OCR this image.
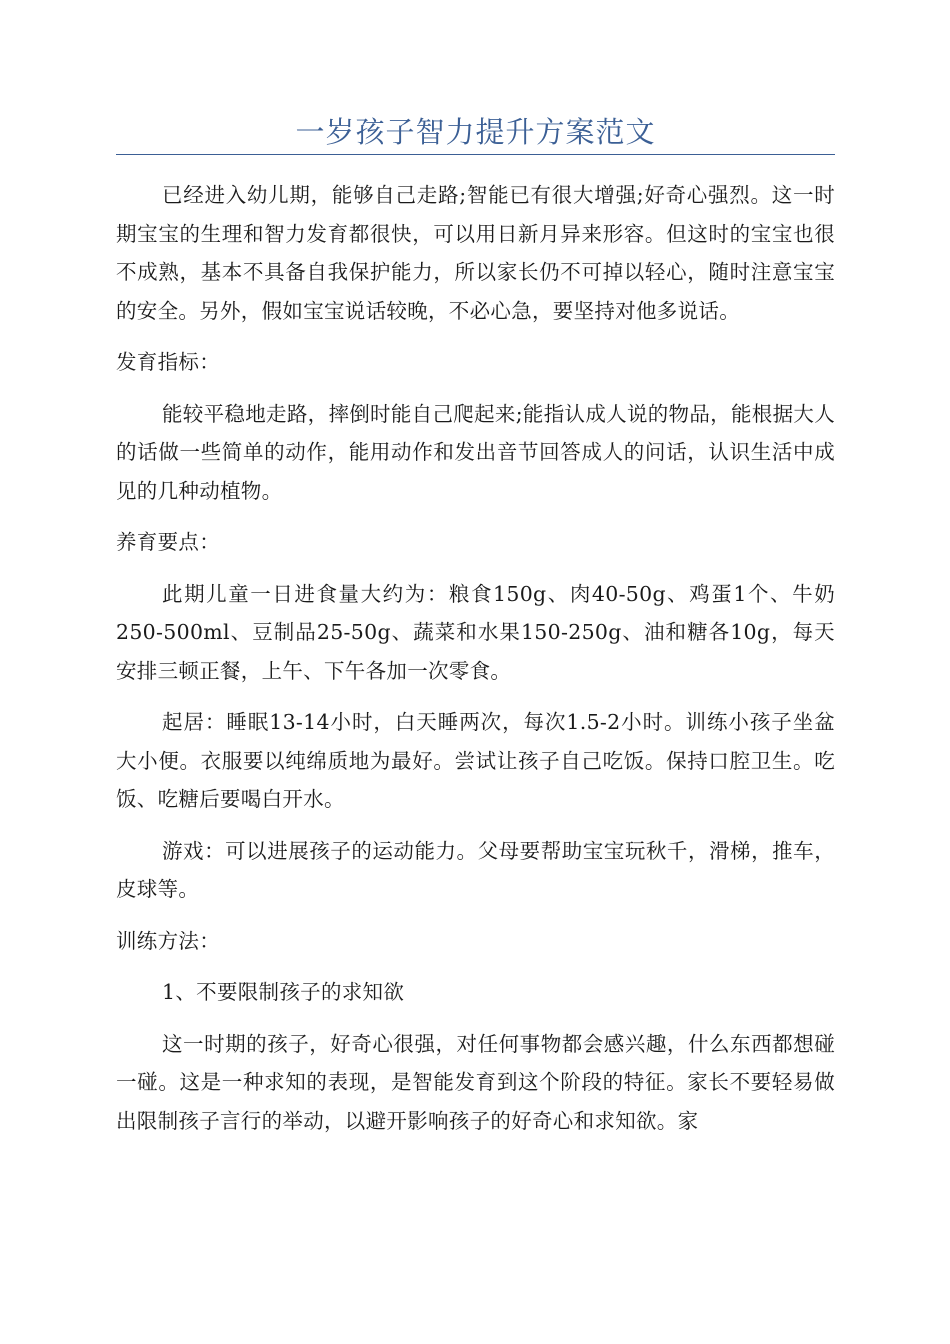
一岁孩子智力提升方案范文

已经进入幼儿期，能够自己走路;智能已有很大增强;好奇心强烈。这一时期宝宝的生理和智力发育都很快，可以用日新月异来形容。但这时的宝宝也很不成熟，基本不具备自我保护能力，所以家长仍不可掉以轻心，随时注意宝宝的安全。另外，假如宝宝说话较晚，不必心急，要坚持对他多说话。

发育指标：

能较平稳地走路，摔倒时能自己爬起来;能指认成人说的物品，能根据大人的话做一些简单的动作，能用动作和发出音节回答成人的问话，认识生活中成见的几种动植物。

养育要点：

此期儿童一日进食量大约为：粮食150g、肉40-50g、鸡蛋1个、牛奶250-500ml、豆制品25-50g、蔬菜和水果150-250g、油和糖各10g，每天安排三顿正餐，上午、下午各加一次零食。

起居：睡眠13-14小时，白天睡两次，每次1.5-2小时。训练小孩子坐盆大小便。衣服要以纯绵质地为最好。尝试让孩子自己吃饭。保持口腔卫生。吃饭、吃糖后要喝白开水。

游戏：可以进展孩子的运动能力。父母要帮助宝宝玩秋千，滑梯，推车，皮球等。

训练方法：

1、不要限制孩子的求知欲

这一时期的孩子，好奇心很强，对任何事物都会感兴趣，什么东西都想碰一碰。这是一种求知的表现，是智能发育到这个阶段的特征。家长不要轻易做出限制孩子言行的举动，以避开影响孩子的好奇心和求知欲。家
